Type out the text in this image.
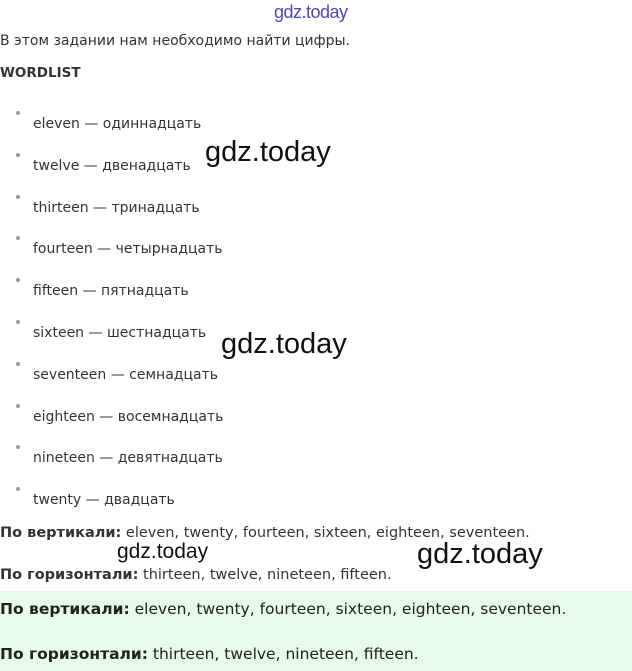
gdz.today
В этом задании нам необходимо найти цифры.
WORDLIST
eleven — одиннадцать
twelve — двенадцать
thirteen — тринадцать
fourteen — четырнадцать
fifteen — пятнадцать
sixteen — шестнадцать
seventeen — семнадцать
eighteen — восемнадцать
nineteen — девятнадцать
twenty — двадцать
По вертикали: eleven, twenty, fourteen, sixteen, eighteen, seventeen.
По горизонтали: thirteen, twelve, nineteen, fifteen.
По вертикали: eleven, twenty, fourteen, sixteen, eighteen, seventeen.
По горизонтали: thirteen, twelve, nineteen, fifteen.
gdz.today
gdz.today
gdz.today	gdz.today
